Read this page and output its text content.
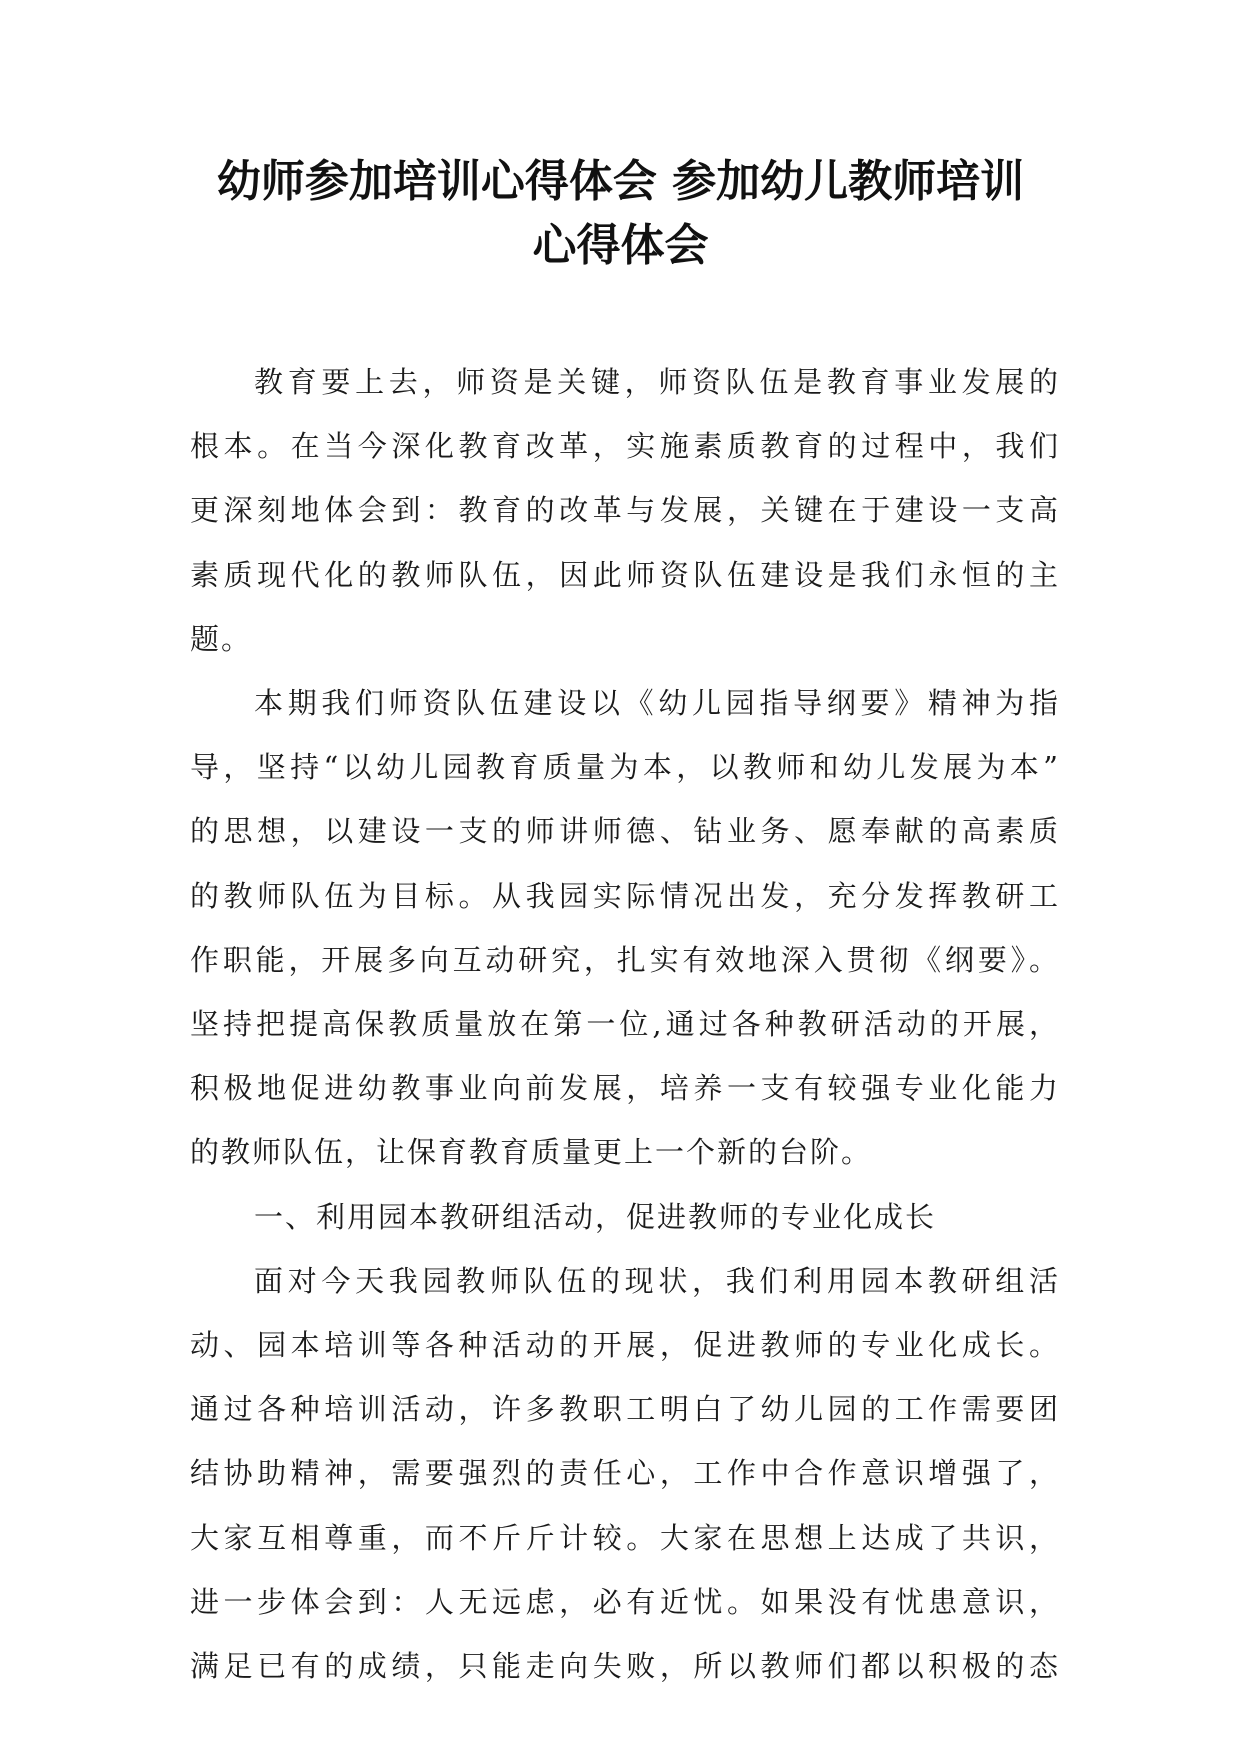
幼师参加培训心得体会 参加幼儿教师培训
心得体会

教育要上去，师资是关键，师资队伍是教育事业发展的
根本。在当今深化教育改革，实施素质教育的过程中，我们
更深刻地体会到：教育的改革与发展，关键在于建设一支高
素质现代化的教师队伍，因此师资队伍建设是我们永恒的主
题。

本期我们师资队伍建设以《幼儿园指导纲要》精神为指
导，坚持“以幼儿园教育质量为本，以教师和幼儿发展为本”
的思想，以建设一支的师讲师德、钻业务、愿奉献的高素质
的教师队伍为目标。从我园实际情况出发，充分发挥教研工
作职能，开展多向互动研究，扎实有效地深入贯彻《纲要》。
坚持把提高保教质量放在第一位,通过各种教研活动的开展，
积极地促进幼教事业向前发展，培养一支有较强专业化能力
的教师队伍，让保育教育质量更上一个新的台阶。

一、利用园本教研组活动，促进教师的专业化成长

面对今天我园教师队伍的现状，我们利用园本教研组活
动、园本培训等各种活动的开展，促进教师的专业化成长。
通过各种培训活动，许多教职工明白了幼儿园的工作需要团
结协助精神，需要强烈的责任心，工作中合作意识增强了，
大家互相尊重，而不斤斤计较。大家在思想上达成了共识，
进一步体会到：人无远虑，必有近忧。如果没有忧患意识，
满足已有的成绩，只能走向失败，所以教师们都以积极的态
